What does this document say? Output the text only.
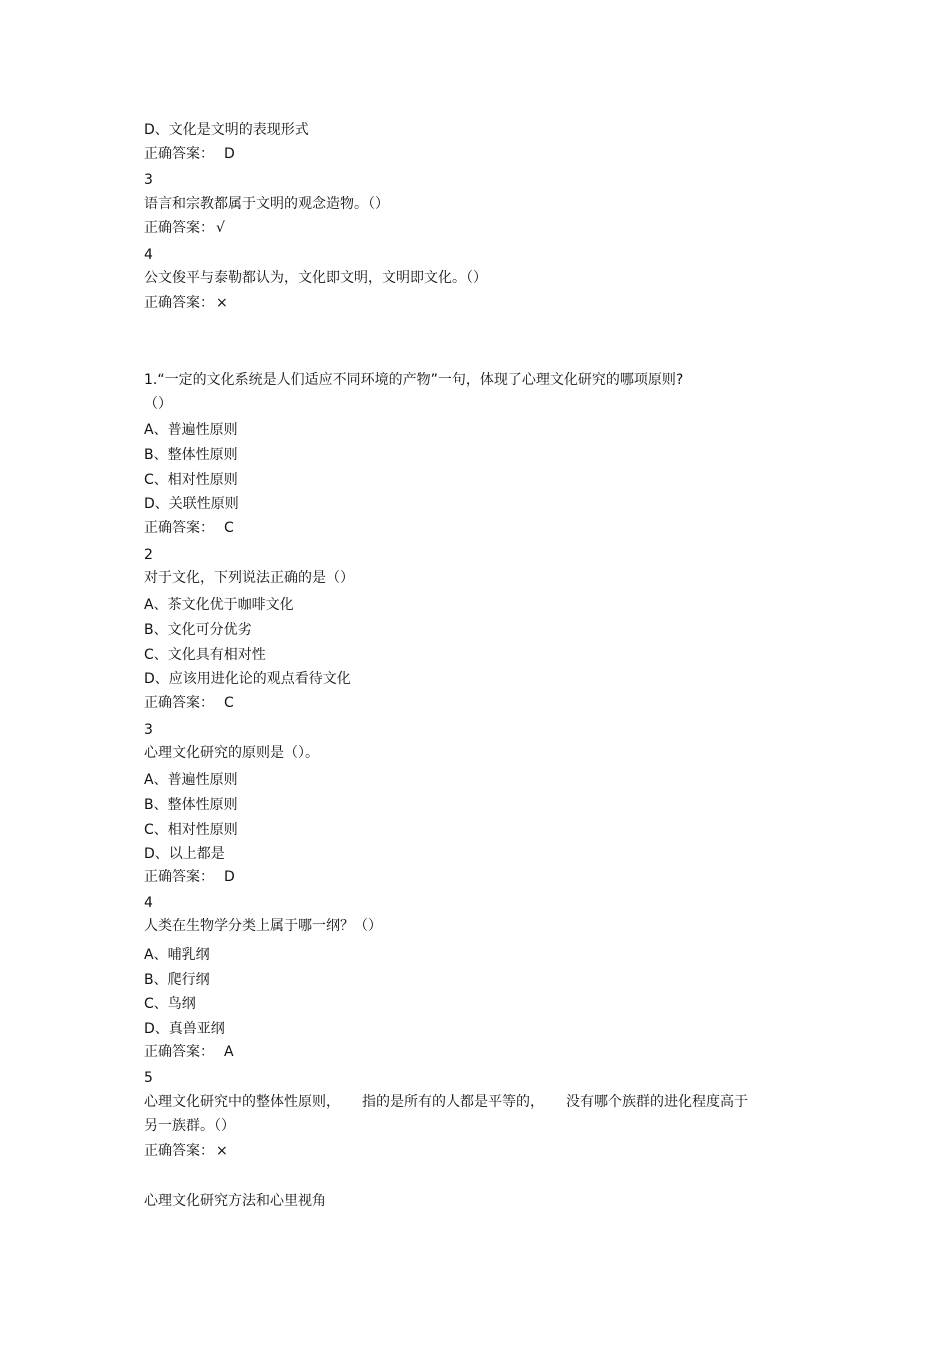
D、文化是文明的表现形式

正确答案： D

3

语言和宗教都属于文明的观念造物。（）

正确答案： √

4

公文俊平与泰勒都认为，文化即文明，文明即文化。（）

正确答案： ×

1.“一定的文化系统是人们适应不同环境的产物”一句，体现了心理文化研究的哪项原则?

（）

A、普遍性原则

B、整体性原则

C、相对性原则

D、关联性原则

正确答案： C

2

对于文化，下列说法正确的是（）

A、茶文化优于咖啡文化

B、文化可分优劣

C、文化具有相对性

D、应该用进化论的观点看待文化

正确答案： C

3

心理文化研究的原则是（）。

A、普遍性原则

B、整体性原则

C、相对性原则

D、以上都是

正确答案： D

4

人类在生物学分类上属于哪一纲？（）

A、哺乳纲

B、爬行纲

C、鸟纲

D、真兽亚纲

正确答案： A

5

心理文化研究中的整体性原则， 指的是所有的人都是平等的， 没有哪个族群的进化程度高于

另一族群。（）

正确答案： ×

心理文化研究方法和心里视角
